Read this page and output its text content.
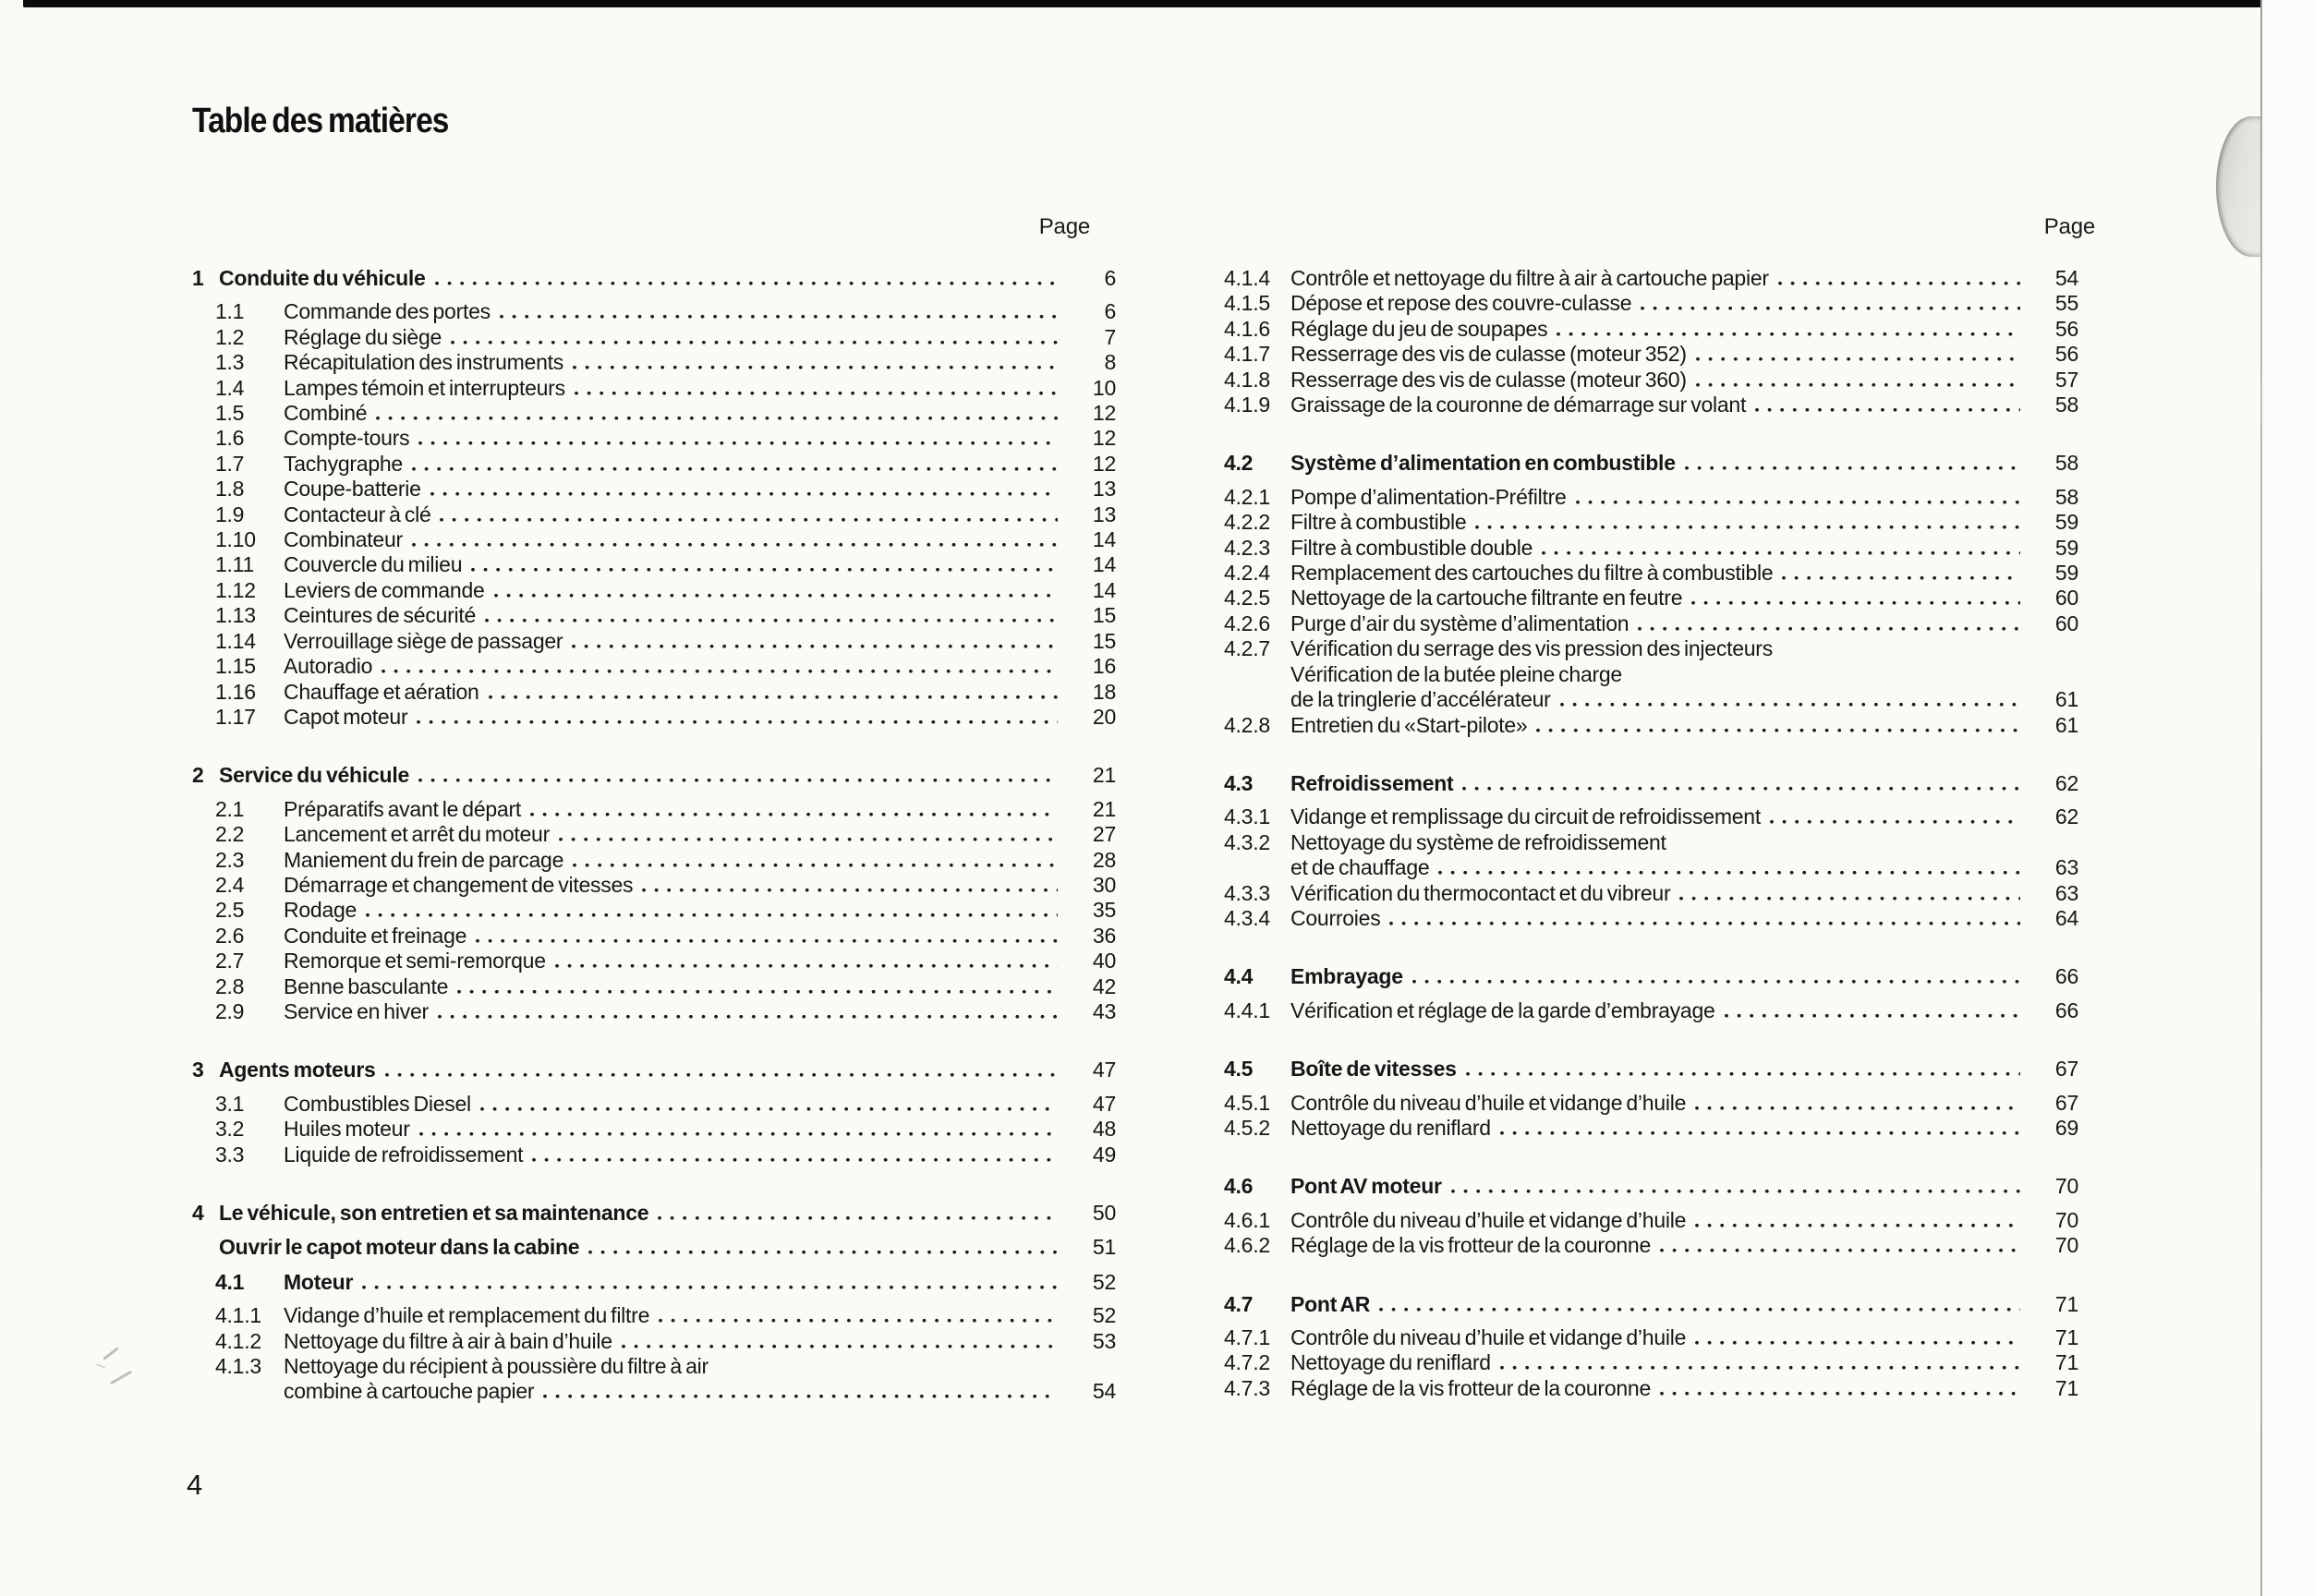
Table des matières
Page	Page
4
1 Conduite du véhicule	6
1.1	Commande des portes	6
1.2	Réglage du siège	7
1.3	Récapitulation des instruments	8
1.4	Lampes témoin et interrupteurs	10
1.5	Combiné	12
1.6	Compte-tours	12
1.7	Tachygraphe	12
1.8	Coupe-batterie	13
1.9	Contacteur à clé	13
1.10	Combinateur	14
1.11	Couvercle du milieu	14
1.12	Leviers de commande	14
1.13	Ceintures de sécurité	15
1.14	Verrouillage siège de passager	15
1.15	Autoradio	16
1.16	Chauffage et aération	18
1.17	Capot moteur	20
2 Service du véhicule	21
2.1	Préparatifs avant le départ	21
2.2	Lancement et arrêt du moteur	27
2.3	Maniement du frein de parcage	28
2.4	Démarrage et changement de vitesses	30
2.5	Rodage	35
2.6	Conduite et freinage	36
2.7	Remorque et semi-remorque	40
2.8	Benne basculante	42
2.9	Service en hiver	43
3 Agents moteurs	47
3.1	Combustibles Diesel	47
3.2	Huiles moteur	48
3.3	Liquide de refroidissement	49
4 Le véhicule, son entretien et sa maintenance	50
Ouvrir le capot moteur dans la cabine	51
4.1	Moteur	52
4.1.1	Vidange d’huile et remplacement du filtre	52
4.1.2	Nettoyage du filtre à air à bain d’huile	53
4.1.3	Nettoyage du récipient à poussière du filtre à air
combine à cartouche papier	54
4.1.4 Contrôle et nettoyage du filtre à air à cartouche papier	54
4.1.5 Dépose et repose des couvre-culasse	55
4.1.6 Réglage du jeu de soupapes	56
4.1.7 Resserrage des vis de culasse (moteur 352)	56
4.1.8 Resserrage des vis de culasse (moteur 360)	57
4.1.9 Graissage de la couronne de démarrage sur volant	58
4.2	Système d’alimentation en combustible	58
4.2.1 Pompe d’alimentation-Préfiltre	58
4.2.2 Filtre à combustible	59
4.2.3 Filtre à combustible double	59
4.2.4 Remplacement des cartouches du filtre à combustible	59
4.2.5 Nettoyage de la cartouche filtrante en feutre	60
4.2.6 Purge d’air du système d’alimentation	60
4.2.7 Vérification du serrage des vis pression des injecteurs
Vérification de la butée pleine charge
de la tringlerie d’accélérateur	61
4.2.8 Entretien du «Start-pilote»	61
4.3	Refroidissement	62
4.3.1 Vidange et remplissage du circuit de refroidissement	62
4.3.2 Nettoyage du système de refroidissement
et de chauffage	63
4.3.3 Vérification du thermocontact et du vibreur	63
4.3.4 Courroies	64
4.4	Embrayage	66
4.4.1 Vérification et réglage de la garde d’embrayage	66
4.5	Boîte de vitesses	67
4.5.1 Contrôle du niveau d’huile et vidange d’huile	67
4.5.2 Nettoyage du reniflard	69
4.6	Pont AV moteur	70
4.6.1 Contrôle du niveau d’huile et vidange d’huile	70
4.6.2 Réglage de la vis frotteur de la couronne	70
4.7	Pont AR	71
4.7.1 Contrôle du niveau d’huile et vidange d’huile	71
4.7.2 Nettoyage du reniflard	71
4.7.3 Réglage de la vis frotteur de la couronne	71
